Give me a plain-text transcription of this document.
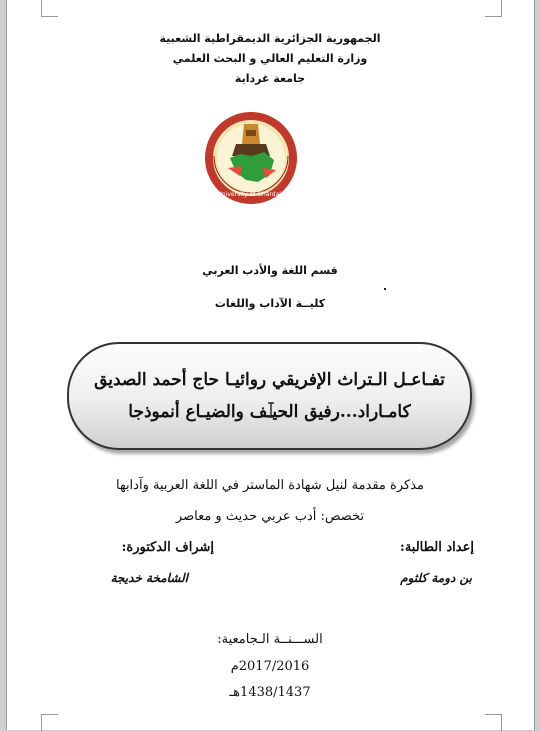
الجمهورية الجزائرية الديمقراطية الشعبية
وزارة التعليم العالي و البحث العلمي
جامعة غرداية
University of Ghardaia
قسم اللغة والأدب العربي
كليــة الآداب واللغات
تفـاعـل الـتراث الإفريقي روائيـا حاج أحمد الصديق
كامـاراد...رفيق الحيـف والضيـاع أنموذجا
مذكرة مقدمة لنيل شهادة الماستر في اللغة العربية وآدابها
تخصص: أدب عربي حديث و معاصر
إعداد الطالبة:
إشراف الدكتورة:
بن دومة كلثوم
الشامخة خديجة
الســـنــة الـجامعية:
2017/2016م
1438/1437هـ
